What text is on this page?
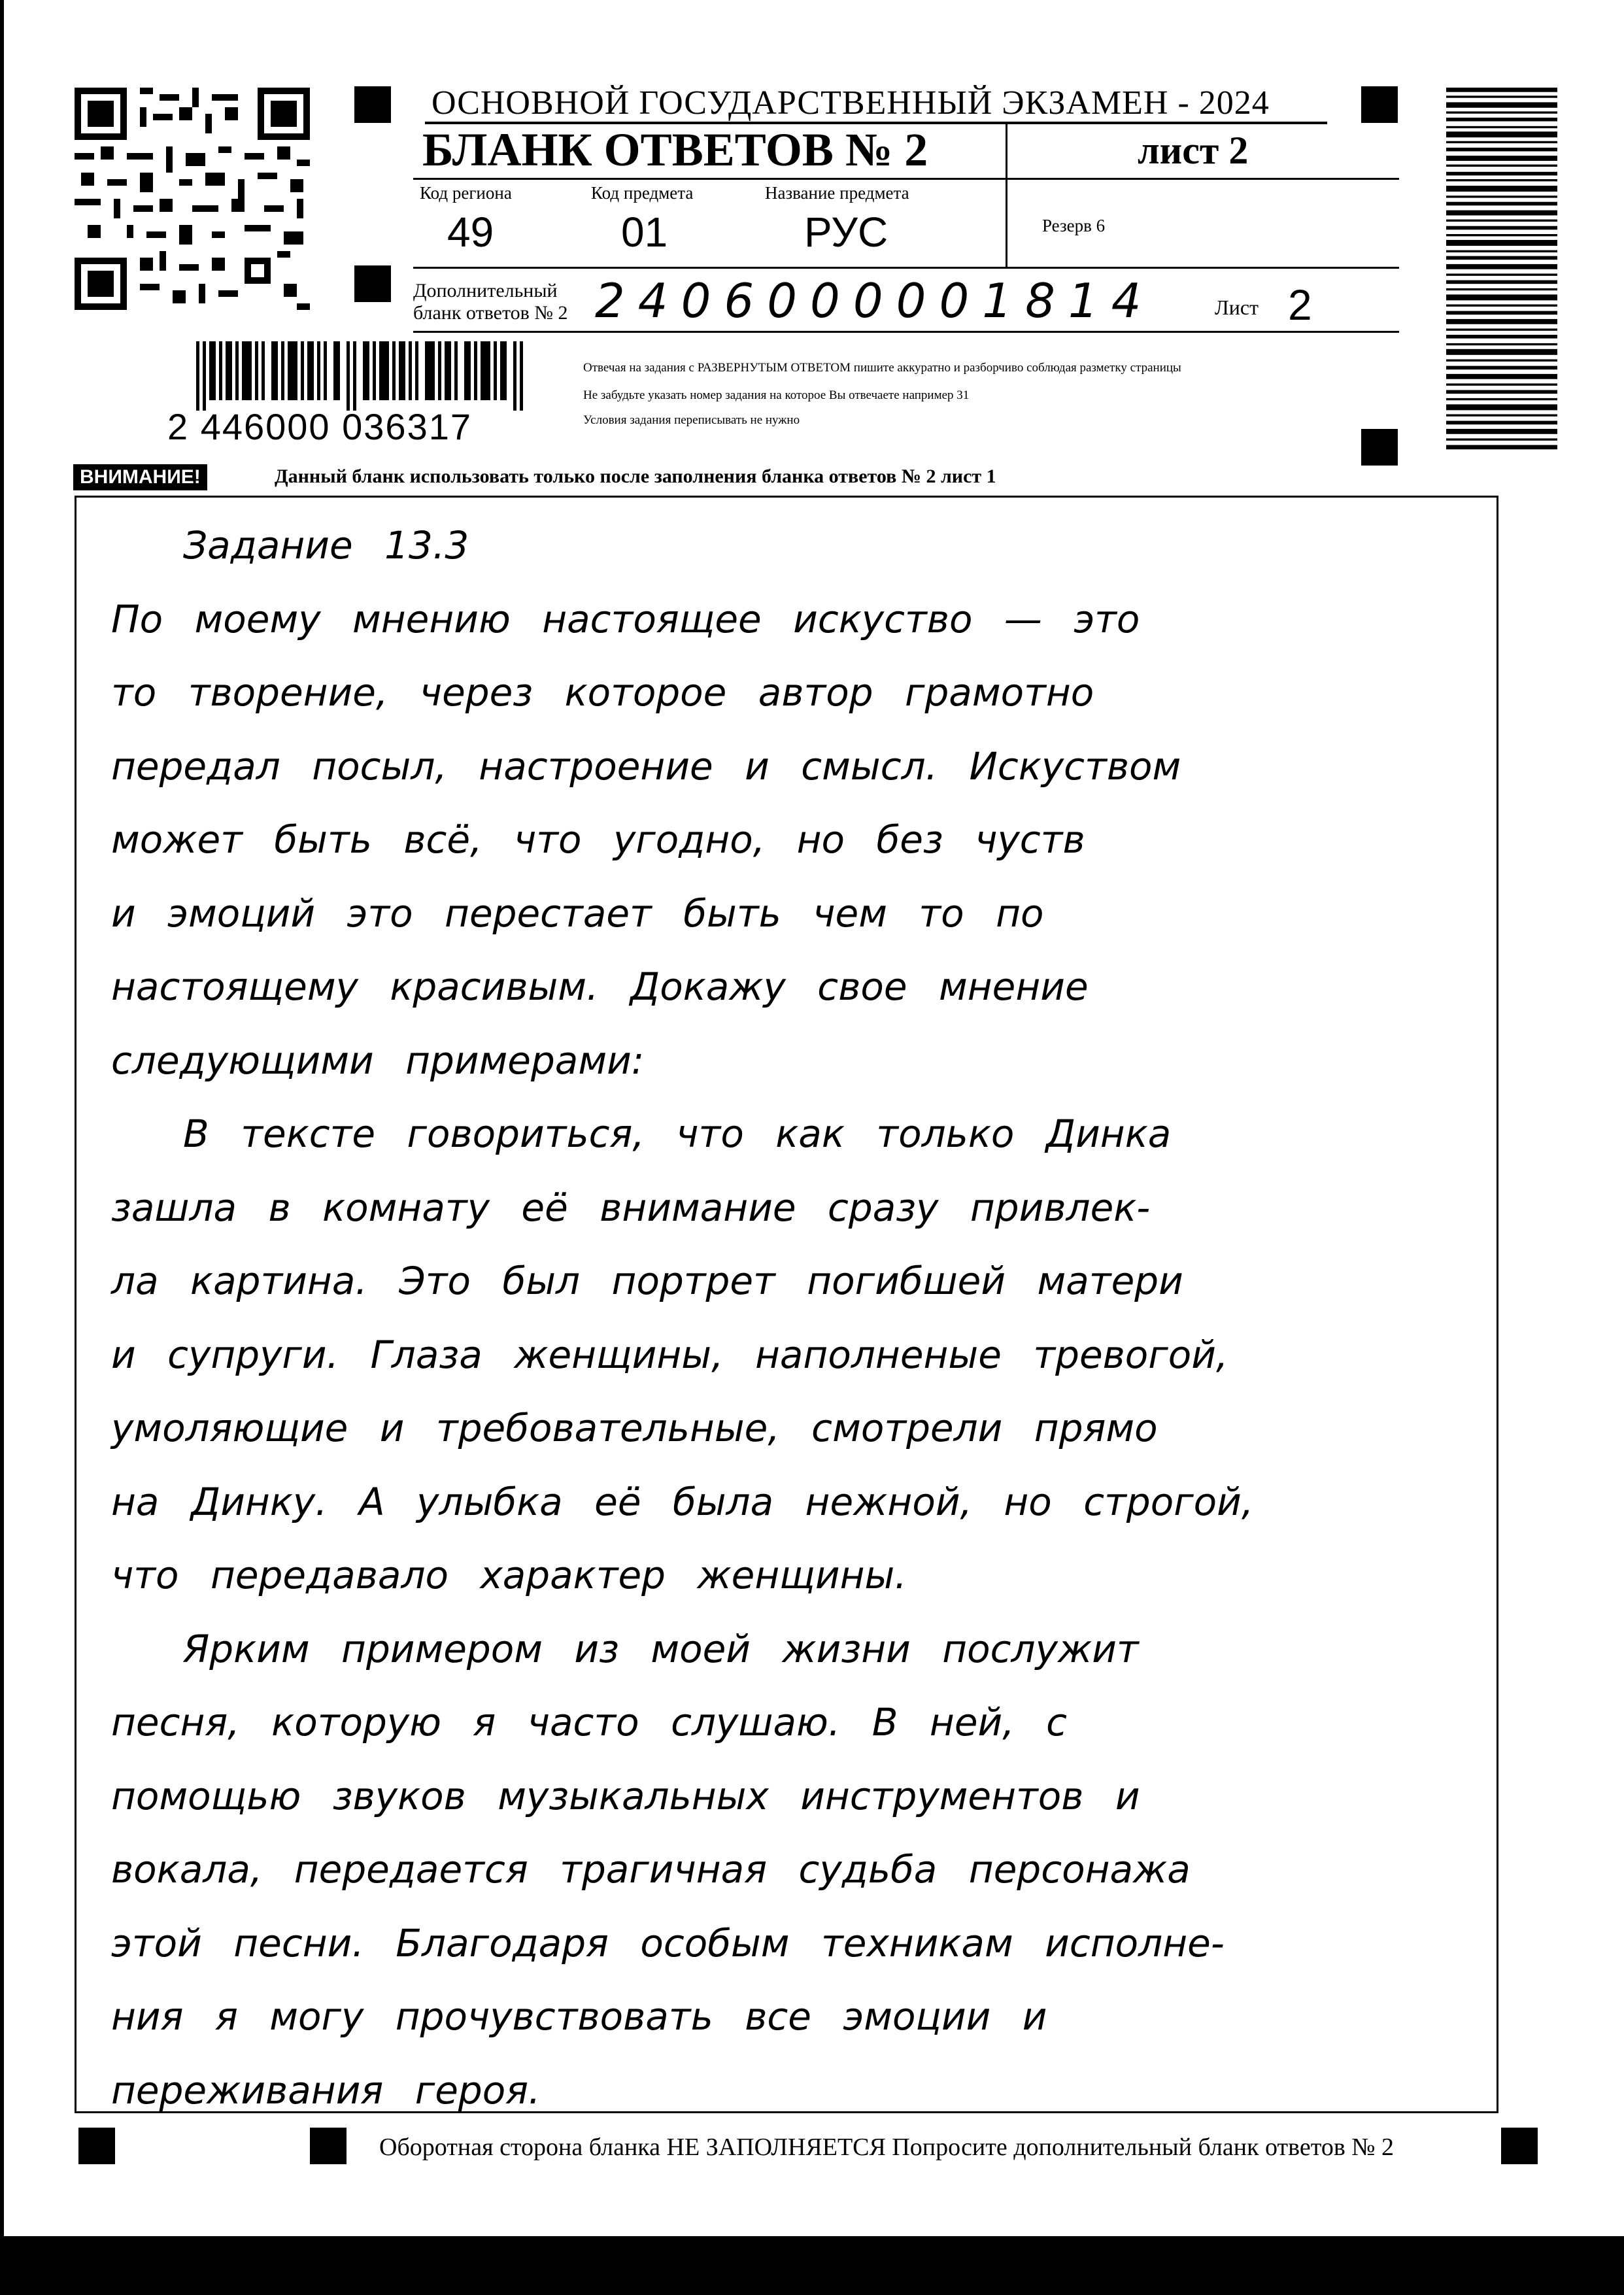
ОСНОВНОЙ ГОСУДАРСТВЕННЫЙ ЭКЗАМЕН - 2024
БЛАНК ОТВЕТОВ № 2	лист 2
Код региона
49
Код предмета
01
Название предмета
РУС	Резерв 6
Дополнительный бланк ответов № 2 2406000001814	Лист 2
Отвечая на задания с РАЗВЕРНУТЫМ ОТВЕТОМ пишите аккуратно и разборчиво соблюдая разметку страницы
Не забудьте указать номер задания на которое Вы отвечаете например 31
Условия задания переписывать не нужно
2 446000 036317
ВНИМАНИЕ!	Данный бланк использовать только после заполнения бланка ответов № 2 лист 1
Задание 13.3
По моему мнению настоящее искуство — это
то творение, через которое автор грамотно
передал посыл, настроение и смысл. Искуством
может быть всё, что угодно, но без чуств
и эмоций это перестает быть чем то по
настоящему красивым. Докажу свое мнение
следующими примерами:
В тексте говориться, что как только Динка
зашла в комнату её внимание сразу привлек-
ла картина. Это был портрет погибшей матери
и супруги. Глаза женщины, наполненые тревогой,
умоляющие и требовательные, смотрели прямо
на Динку. А улыбка её была нежной, но строгой,
что передавало характер женщины.
Ярким примером из моей жизни послужит
песня, которую я часто слушаю. В ней, с
помощью звуков музыкальных инструментов и
вокала, передается трагичная судьба персонажа
этой песни. Благодаря особым техникам исполне-
ния я могу прочувствовать все эмоции и
переживания героя.
Оборотная сторона бланка НЕ ЗАПОЛНЯЕТСЯ Попросите дополнительный бланк ответов № 2
